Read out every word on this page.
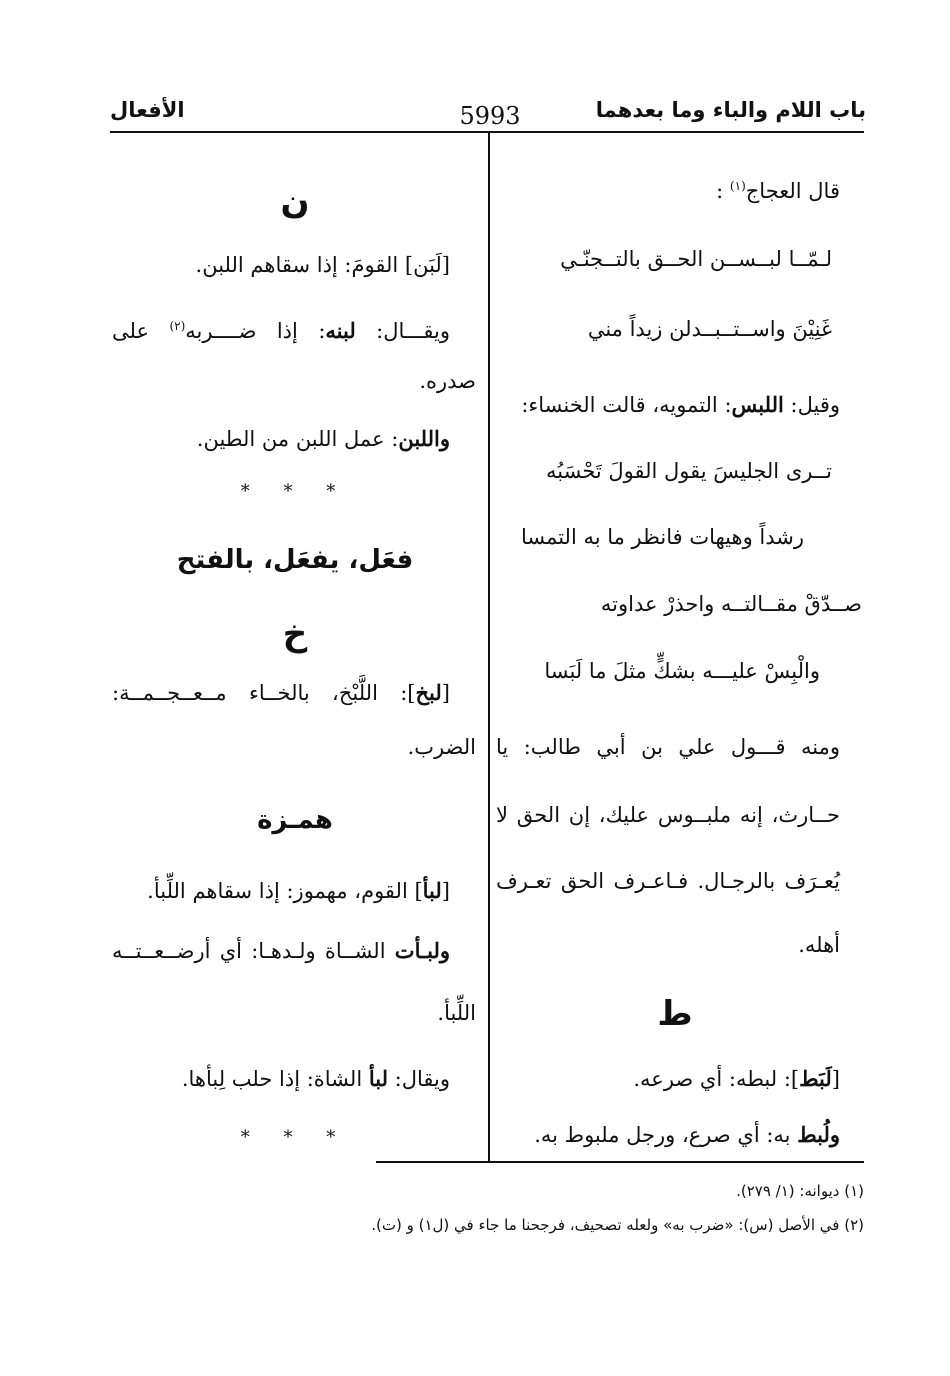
باب اللام والباء وما بعدهما
5993
الأفعال
قال العجاج$^{(١)}$ :
لـمّــا لبــســن الحــق بالتــجنّـي
غَنِيْنَ واســتــبــدلن زيداً مني
وقيل: اللبس: التمويه، قالت الخنساء:
تــرى الجليسَ يقول القولَ تَحْسَبُه
رشداً وهيهات فانظر ما به التمسا
صــدّقْ مقــالتــه واحذرْ عداوته
والْبِسْ عليـــه بشكٍّ مثلَ ما لَبَسا
ومنه قـــول علي بن أبي طالب: يا
حــارث، إنه ملبــوس عليك، إن الحق لا
يُعـرَف بالرجـال. فـاعـرف الحق تعـرف
أهله.
ط
[لَبَط]: لبطه: أي صرعه.
ولُبط به: أي صرع، ورجل ملبوط به.
ن
[لَبَن] القومَ: إذا سقاهم اللبن.
ويقـــال: لبنه: إذا ضــــربه$^{(٢)}$ على
صدره.
واللبن: عمل اللبن من الطين.
* * *
فعَل، يفعَل، بالفتح
خ
[لبخ]: اللَّبْخ، بالخــاء مــعــجــمــة:
الضرب.
همـزة
[لبأ] القوم، مهموز: إذا سقاهم اللِّبأ.
ولبـأت الشــاة ولـدهـا: أي أرضــعــتــه
اللِّبأ.
ويقال: لبأ الشاة: إذا حلب لِبأها.
* * *
(١) ديوانه: (١/ ٢٧٩).
(٢) في الأصل (س): «ضرب به» ولعله تصحيف، فرجحنا ما جاء في (ل١) و (ت).
